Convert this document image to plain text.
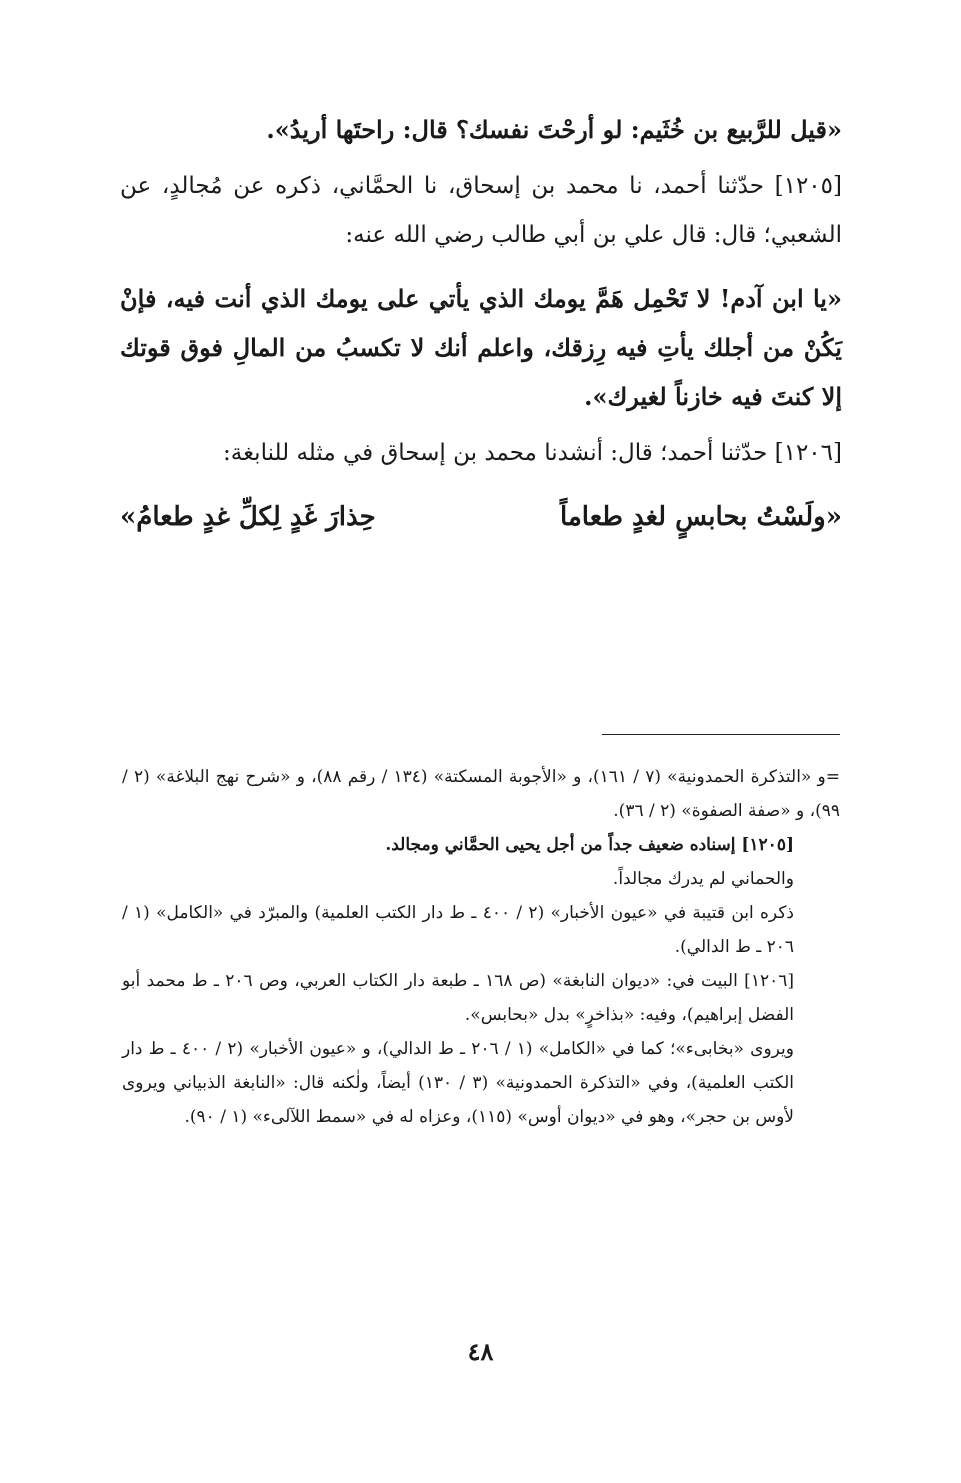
«قيل للرَّبيع بن خُثَيم: لو أرحْتَ نفسك؟ قال: راحتَها أريدُ».

[١٢٠٥] حدّثنا أحمد، نا محمد بن إسحاق، نا الحمَّاني، ذكره عن مُجالدٍ، عن الشعبي؛ قال: قال علي بن أبي طالب رضي الله عنه:

«يا ابن آدم! لا تَحْمِل هَمَّ يومك الذي يأتي على يومك الذي أنت فيه، فإنْ يَكُنْ من أجلك يأتِ فيه رِزقك، واعلم أنك لا تكسبُ من المالِ فوق قوتك إلا كنتَ فيه خازناً لغيرك».

[١٢٠٦] حدّثنا أحمد؛ قال: أنشدنا محمد بن إسحاق في مثله للنابغة:

«ولَسْتُ بحابسٍ لغدٍ طعاماً
حِذارَ غَدٍ لِكلِّ غدٍ طعامُ»

=و «التذكرة الحمدونية» (٧ / ١٦١)، و «الأجوبة المسكتة» (١٣٤ / رقم ٨٨)، و «شرح نهج البلاغة» (٢ / ٩٩)، و «صفة الصفوة» (٢ / ٣٦).

[١٢٠٥] إسناده ضعيف جداً من أجل يحيى الحمَّاني ومجالد.

والحماني لم يدرك مجالداً.

ذكره ابن قتيبة في «عيون الأخبار» (٢ / ٤٠٠ ـ ط دار الكتب العلمية) والمبرّد في «الكامل» (١ / ٢٠٦ ـ ط الدالي).

[١٢٠٦] البيت في: «ديوان النابغة» (ص ١٦٨ ـ طبعة دار الكتاب العربي، وص ٢٠٦ ـ ط محمد أبو الفضل إبراهيم)، وفيه: «بذاخرٍ» بدل «بحابس».

ويروى «بخابىء»؛ كما في «الكامل» (١ / ٢٠٦ ـ ط الدالي)، و «عيون الأخبار» (٢ / ٤٠٠ ـ ط دار الكتب العلمية)، وفي «التذكرة الحمدونية» (٣ / ١٣٠) أيضاً، ولٰكنه قال: «النابغة الذبياني ويروى لأوس بن حجر»، وهو في «ديوان أوس» (١١٥)، وعزاه له في «سمط اللآلىء» (١ / ٩٠).

٤٨
